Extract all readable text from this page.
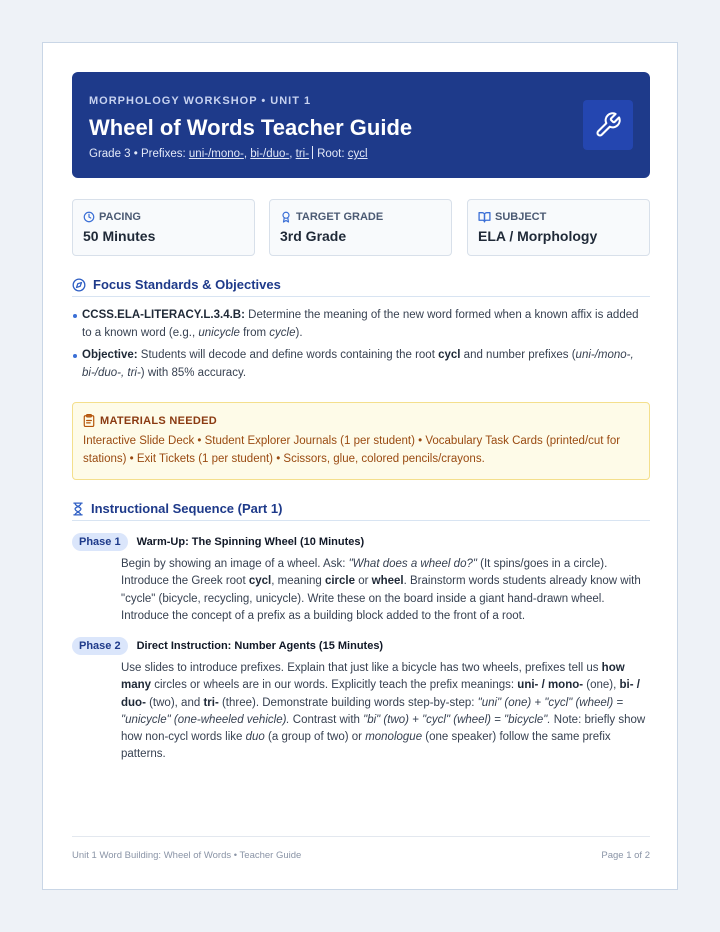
MORPHOLOGY WORKSHOP • UNIT 1
Wheel of Words Teacher Guide
Grade 3 • Prefixes: uni-/mono-, bi-/duo-, tri- Root: cycl
PACING
50 Minutes
TARGET GRADE
3rd Grade
SUBJECT
ELA / Morphology
Focus Standards & Objectives
CCSS.ELA-LITERACY.L.3.4.B: Determine the meaning of the new word formed when a known affix is added to a known word (e.g., unicycle from cycle).
Objective: Students will decode and define words containing the root cycl and number prefixes (uni-/mono-, bi-/duo-, tri-) with 85% accuracy.
MATERIALS NEEDED
Interactive Slide Deck • Student Explorer Journals (1 per student) • Vocabulary Task Cards (printed/cut for stations) • Exit Tickets (1 per student) • Scissors, glue, colored pencils/crayons.
Instructional Sequence (Part 1)
Phase 1	Warm-Up: The Spinning Wheel (10 Minutes)
Begin by showing an image of a wheel. Ask: "What does a wheel do?" (It spins/goes in a circle). Introduce the Greek root cycl, meaning circle or wheel. Brainstorm words students already know with "cycle" (bicycle, recycling, unicycle). Write these on the board inside a giant hand-drawn wheel. Introduce the concept of a prefix as a building block added to the front of a root.
Phase 2	Direct Instruction: Number Agents (15 Minutes)
Use slides to introduce prefixes. Explain that just like a bicycle has two wheels, prefixes tell us how many circles or wheels are in our words. Explicitly teach the prefix meanings: uni- / mono- (one), bi- / duo- (two), and tri- (three). Demonstrate building words step-by-step: "uni" (one) + "cycl" (wheel) = "unicycle" (one-wheeled vehicle). Contrast with "bi" (two) + "cycl" (wheel) = "bicycle". Note: briefly show how non-cycl words like duo (a group of two) or monologue (one speaker) follow the same prefix patterns.
Unit 1 Word Building: Wheel of Words • Teacher Guide	Page 1 of 2
